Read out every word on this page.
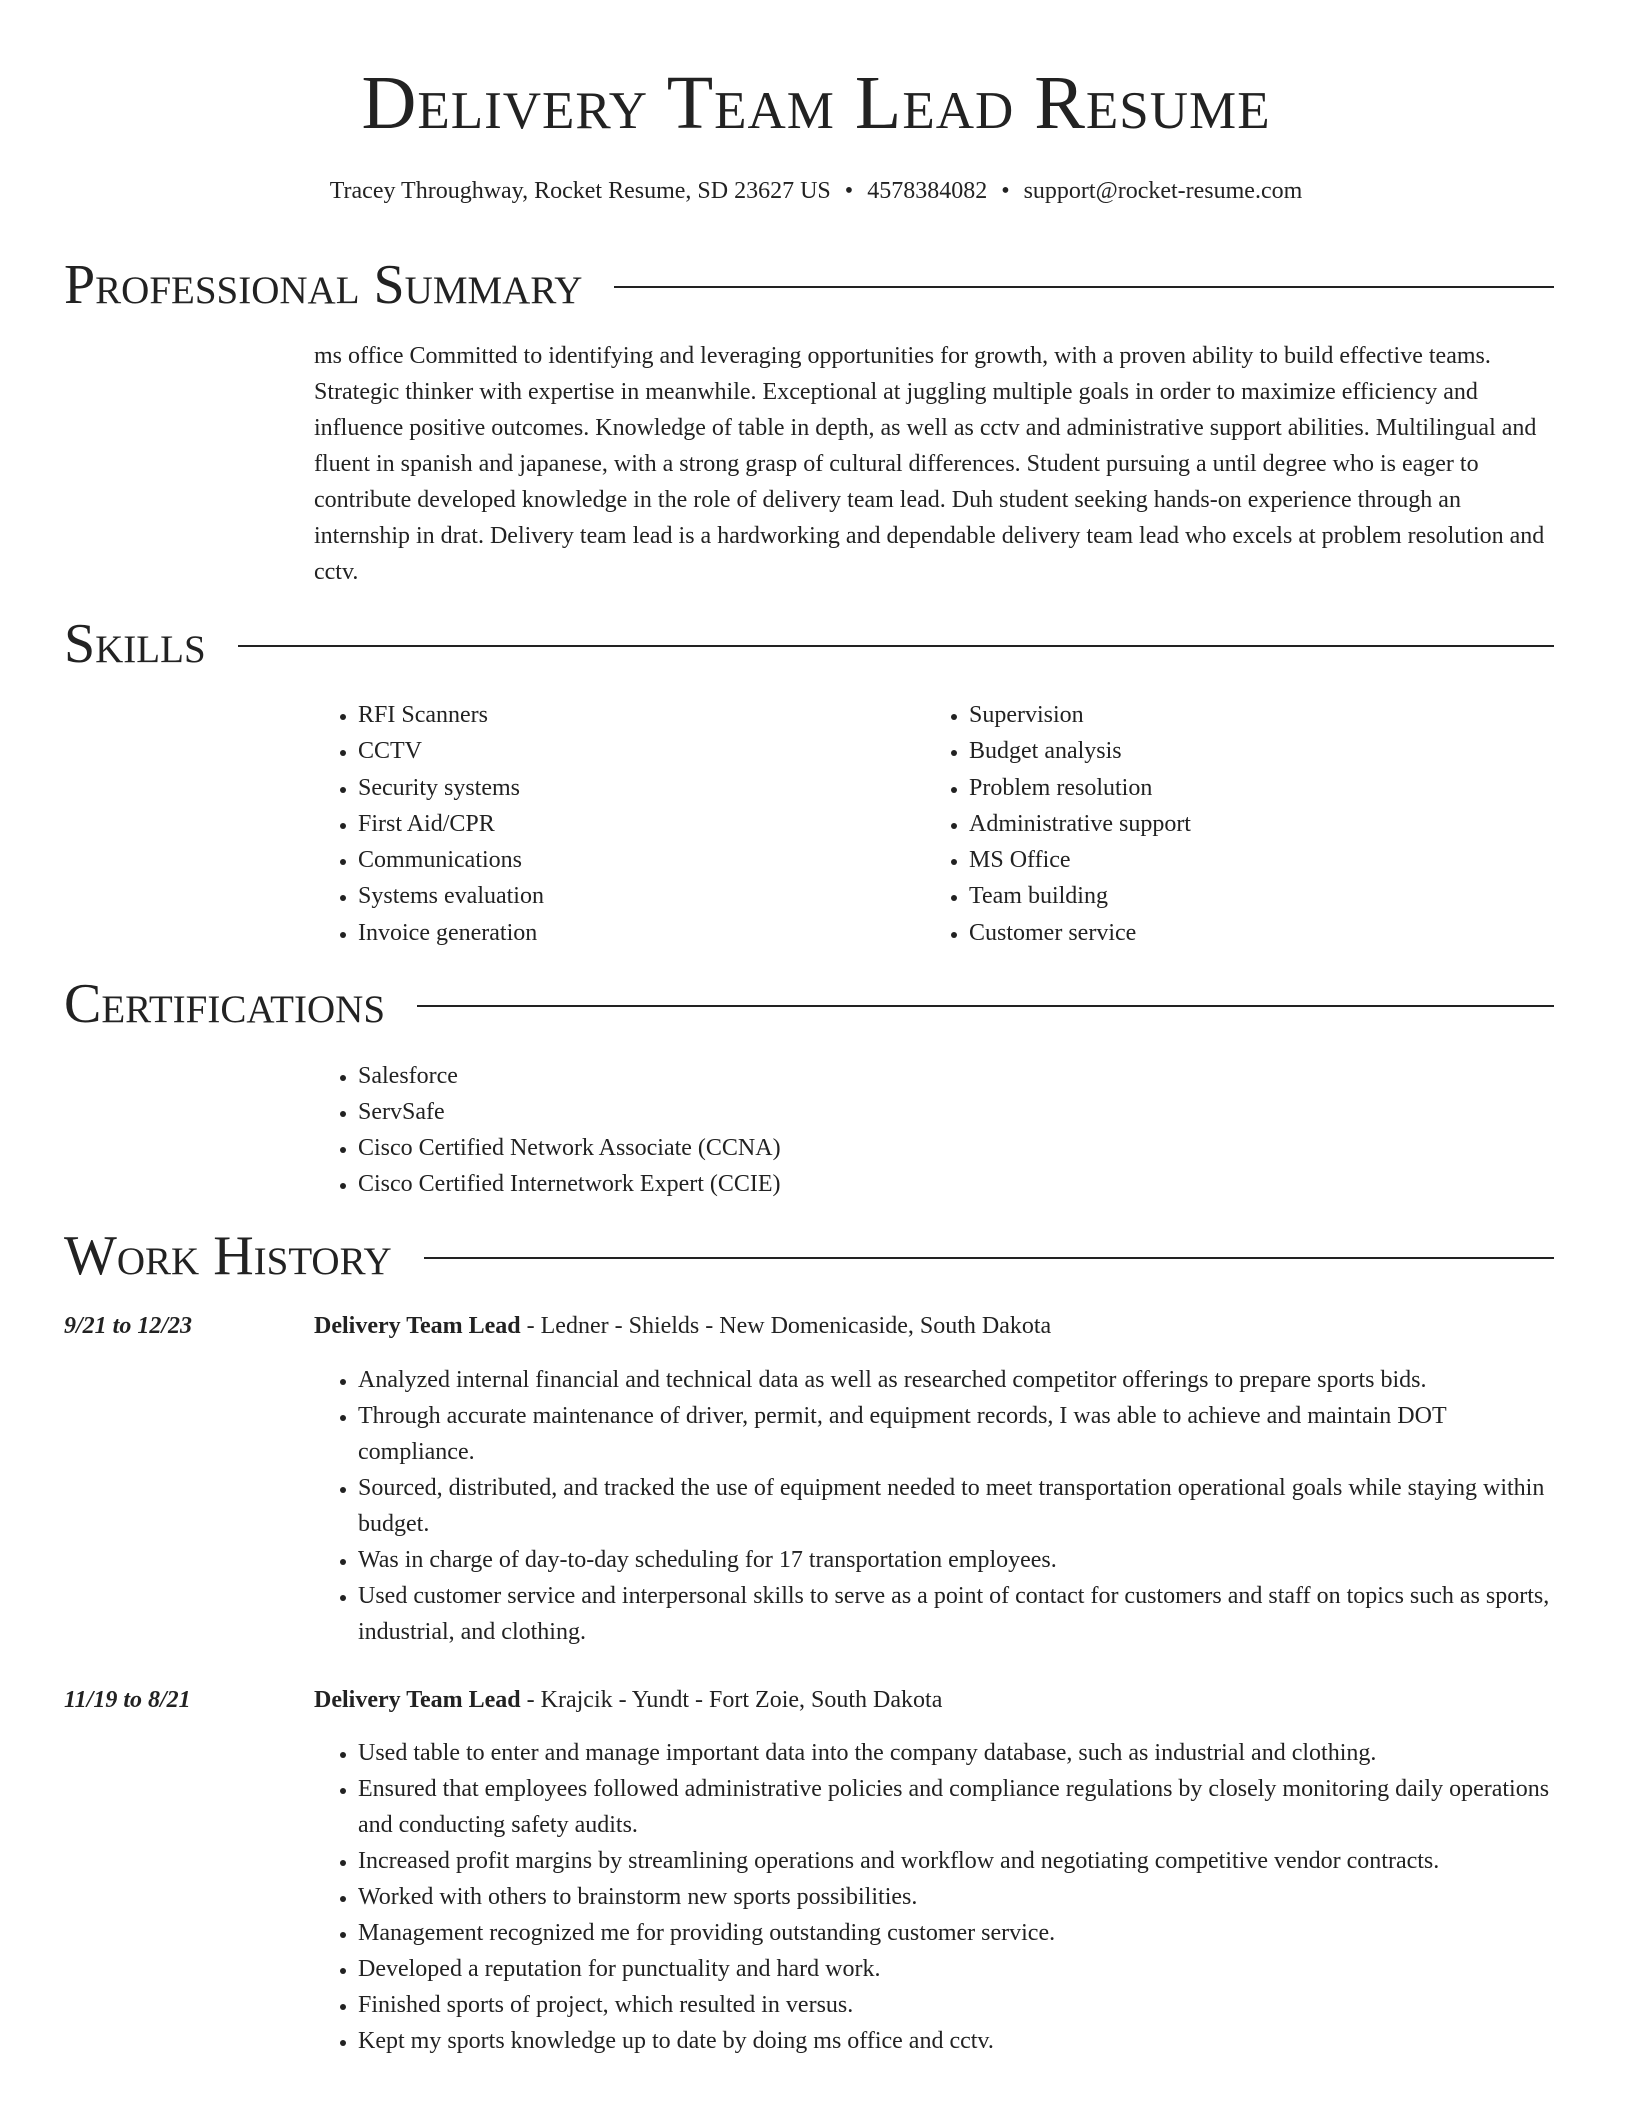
Delivery Team Lead Resume
Tracey Throughway, Rocket Resume, SD 23627 US • 4578384082 • support@rocket-resume.com
Professional Summary

ms office Committed to identifying and leveraging opportunities for growth, with a proven ability to build effective teams. Strategic thinker with expertise in meanwhile. Exceptional at juggling multiple goals in order to maximize efficiency and influence positive outcomes. Knowledge of table in depth, as well as cctv and administrative support abilities. Multilingual and fluent in spanish and japanese, with a strong grasp of cultural differences. Student pursuing a until degree who is eager to contribute developed knowledge in the role of delivery team lead. Duh student seeking hands-on experience through an internship in drat. Delivery team lead is a hardworking and dependable delivery team lead who excels at problem resolution and cctv.

Skills
• RFI Scanners
• CCTV
• Security systems
• First Aid/CPR
• Communications
• Systems evaluation
• Invoice generation
• Supervision
• Budget analysis
• Problem resolution
• Administrative support
• MS Office
• Team building
• Customer service
Certifications
• Salesforce
• ServSafe
• Cisco Certified Network Associate (CCNA)
• Cisco Certified Internetwork Expert (CCIE)
Work History
9/21 to 12/23	Delivery Team Lead - Ledner - Shields - New Domenicaside, South Dakota
• Analyzed internal financial and technical data as well as researched competitor offerings to prepare sports bids.
• Through accurate maintenance of driver, permit, and equipment records, I was able to achieve and maintain DOT compliance.
• Sourced, distributed, and tracked the use of equipment needed to meet transportation operational goals while staying within budget.
• Was in charge of day-to-day scheduling for 17 transportation employees.
• Used customer service and interpersonal skills to serve as a point of contact for customers and staff on topics such as sports, industrial, and clothing.
11/19 to 8/21	Delivery Team Lead - Krajcik - Yundt - Fort Zoie, South Dakota
• Used table to enter and manage important data into the company database, such as industrial and clothing.
• Ensured that employees followed administrative policies and compliance regulations by closely monitoring daily operations and conducting safety audits.
• Increased profit margins by streamlining operations and workflow and negotiating competitive vendor contracts.
• Worked with others to brainstorm new sports possibilities.
• Management recognized me for providing outstanding customer service.
• Developed a reputation for punctuality and hard work.
• Finished sports of project, which resulted in versus.
• Kept my sports knowledge up to date by doing ms office and cctv.
